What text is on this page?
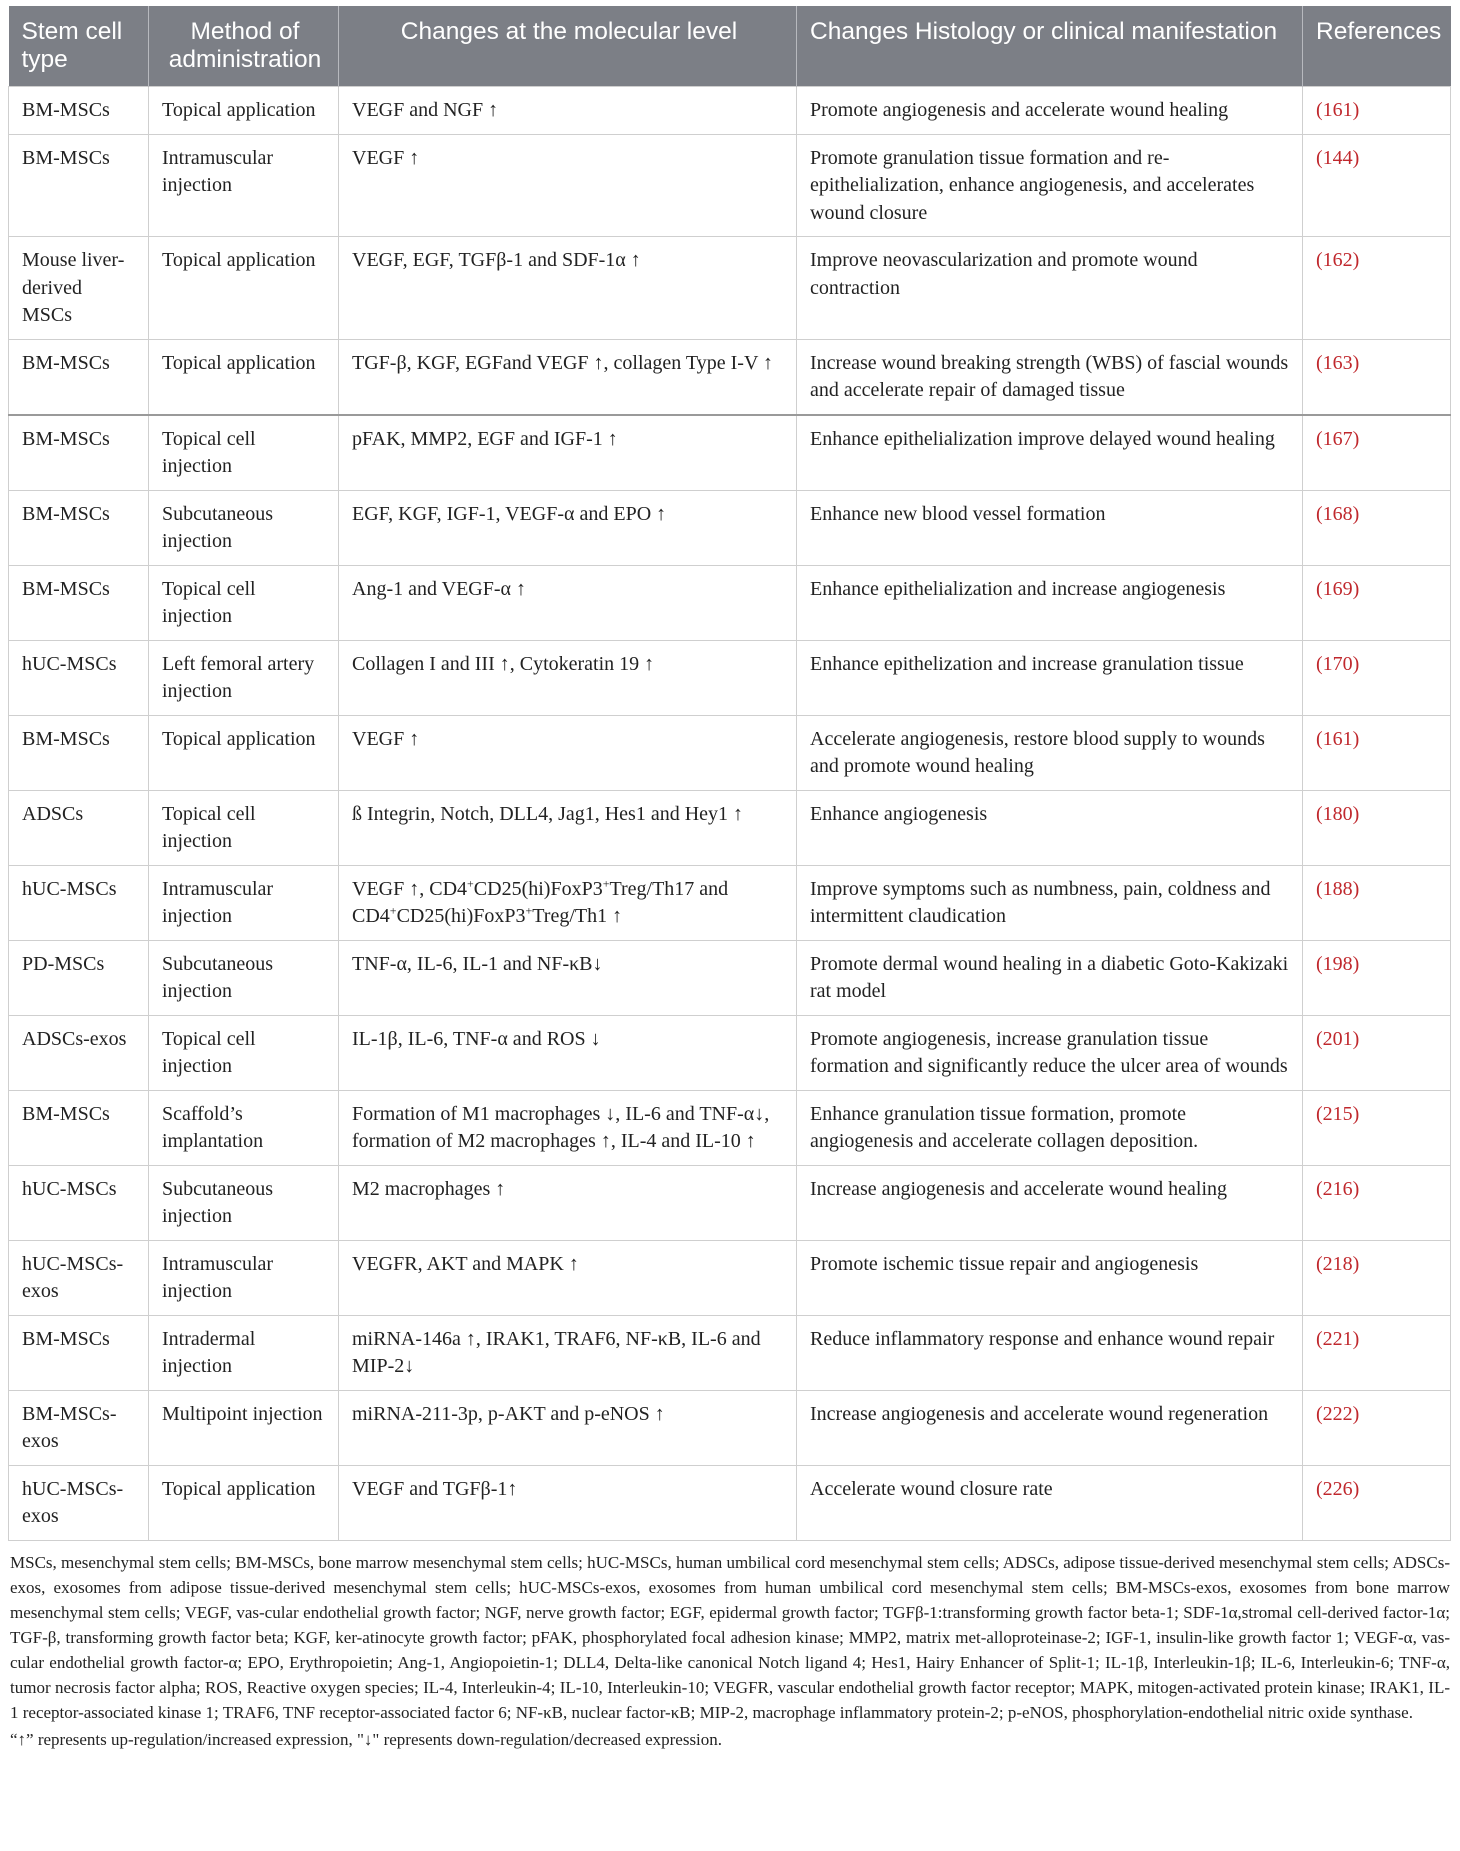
Stem cell type	Method of administration	Changes at the molecular level	Changes Histology or clinical manifestation	References
BM-MSCs	Topical application	VEGF and NGF ↑	Promote angiogenesis and accelerate wound healing	(161)
BM-MSCs	Intramuscular injection	VEGF ↑	Promote granulation tissue formation and re-epithelialization, enhance angiogenesis, and accelerates wound closure	(144)
Mouse liver-derived MSCs	Topical application	VEGF, EGF, TGFβ-1 and SDF-1α ↑	Improve neovascularization and promote wound contraction	(162)
BM-MSCs	Topical application	TGF-β, KGF, EGFand VEGF ↑, collagen Type I-V ↑	Increase wound breaking strength (WBS) of fascial wounds and accelerate repair of damaged tissue	(163)
BM-MSCs	Topical cell injection	pFAK, MMP2, EGF and IGF-1 ↑	Enhance epithelialization improve delayed wound healing	(167)
BM-MSCs	Subcutaneous injection	EGF, KGF, IGF-1, VEGF-α and EPO ↑	Enhance new blood vessel formation	(168)
BM-MSCs	Topical cell injection	Ang-1 and VEGF-α ↑	Enhance epithelialization and increase angiogenesis	(169)
hUC-MSCs	Left femoral artery injection	Collagen I and III ↑, Cytokeratin 19 ↑	Enhance epithelization and increase granulation tissue	(170)
BM-MSCs	Topical application	VEGF ↑	Accelerate angiogenesis, restore blood supply to wounds and promote wound healing	(161)
ADSCs	Topical cell injection	ß Integrin, Notch, DLL4, Jag1, Hes1 and Hey1 ↑	Enhance angiogenesis	(180)
hUC-MSCs	Intramuscular injection	VEGF ↑, CD4+CD25(hi)FoxP3+Treg/Th17 and CD4+CD25(hi)FoxP3+Treg/Th1 ↑	Improve symptoms such as numbness, pain, coldness and intermittent claudication	(188)
PD-MSCs	Subcutaneous injection	TNF-α, IL-6, IL-1 and NF-κB↓	Promote dermal wound healing in a diabetic Goto-Kakizaki rat model	(198)
ADSCs-exos	Topical cell injection	IL-1β, IL-6, TNF-α and ROS ↓	Promote angiogenesis, increase granulation tissue formation and significantly reduce the ulcer area of wounds	(201)
BM-MSCs	Scaffold’s implantation	Formation of M1 macrophages ↓, IL-6 and TNF-α↓, formation of M2 macrophages ↑, IL-4 and IL-10 ↑	Enhance granulation tissue formation, promote angiogenesis and accelerate collagen deposition.	(215)
hUC-MSCs	Subcutaneous injection	M2 macrophages ↑	Increase angiogenesis and accelerate wound healing	(216)
hUC-MSCs-exos	Intramuscular injection	VEGFR, AKT and MAPK ↑	Promote ischemic tissue repair and angiogenesis	(218)
BM-MSCs	Intradermal injection	miRNA-146a ↑, IRAK1, TRAF6, NF-κB, IL-6 and MIP-2↓	Reduce inflammatory response and enhance wound repair	(221)
BM-MSCs-exos	Multipoint injection	miRNA-211-3p, p-AKT and p-eNOS ↑	Increase angiogenesis and accelerate wound regeneration	(222)
hUC-MSCs-exos	Topical application	VEGF and TGFβ-1↑	Accelerate wound closure rate	(226)

MSCs, mesenchymal stem cells; BM-MSCs, bone marrow mesenchymal stem cells; hUC-MSCs, human umbilical cord mesenchymal stem cells; ADSCs, adipose tissue-derived mesenchymal stem cells; ADSCs-exos, exosomes from adipose tissue-derived mesenchymal stem cells; hUC-MSCs-exos, exosomes from human umbilical cord mesenchymal stem cells; BM-MSCs-exos, exosomes from bone marrow mesenchymal stem cells; VEGF, vas-cular endothelial growth factor; NGF, nerve growth factor; EGF, epidermal growth factor; TGFβ-1:transforming growth factor beta-1; SDF-1α,stromal cell-derived factor-1α; TGF-β, transforming growth factor beta; KGF, ker-atinocyte growth factor; pFAK, phosphorylated focal adhesion kinase; MMP2, matrix met-alloproteinase-2; IGF-1, insulin-like growth factor 1; VEGF-α, vas-cular endothelial growth factor-α; EPO, Erythropoietin; Ang-1, Angiopoietin-1; DLL4, Delta-like canonical Notch ligand 4; Hes1, Hairy Enhancer of Split-1; IL-1β, Interleukin-1β; IL-6, Interleukin-6; TNF-α, tumor necrosis factor alpha; ROS, Reactive oxygen species; IL-4, Interleukin-4; IL-10, Interleukin-10; VEGFR, vascular endothelial growth factor receptor; MAPK, mitogen-activated protein kinase; IRAK1, IL-1 receptor-associated kinase 1; TRAF6, TNF receptor-associated factor 6; NF-κB, nuclear factor-κB; MIP-2, macrophage inflammatory protein-2; p-eNOS, phosphorylation-endothelial nitric oxide synthase.

“↑” represents up-regulation/increased expression, "↓" represents down-regulation/decreased expression.
